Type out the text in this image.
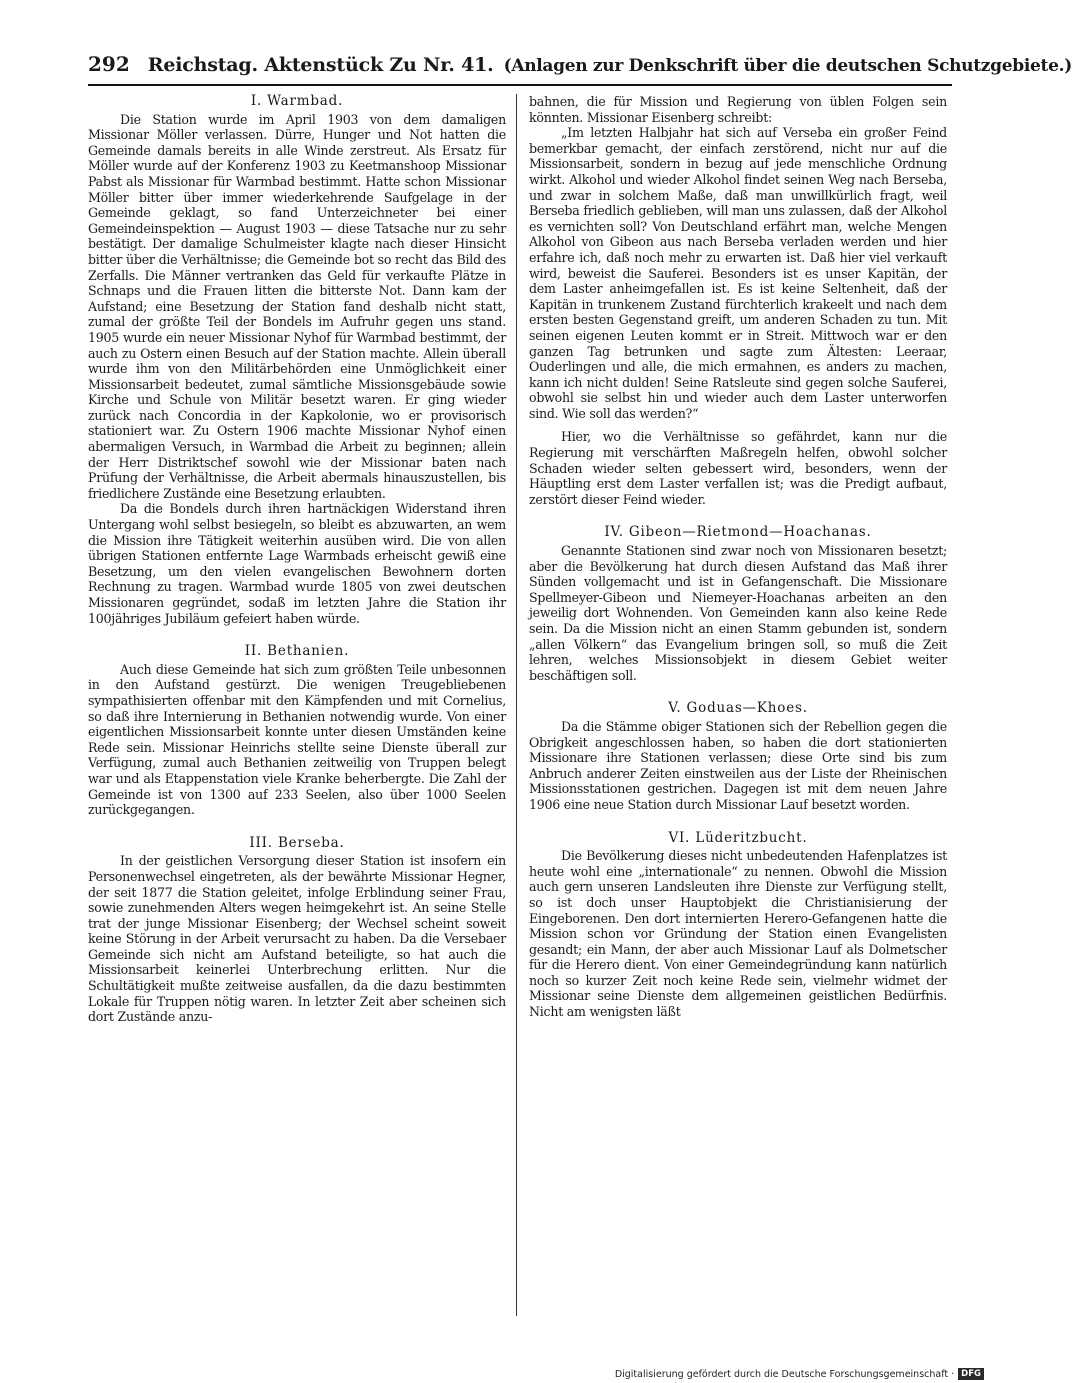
292 Reichstag. Aktenstück Zu Nr. 41. (Anlagen zur Denkschrift über die deutschen Schutzgebiete.)
I. Warmbad.

Die Station wurde im April 1903 von dem damaligen Missionar Möller verlassen. Dürre, Hunger und Not hatten die Gemeinde damals bereits in alle Winde zerstreut. Als Ersatz für Möller wurde auf der Konferenz 1903 zu Keetmanshoop Missionar Pabst als Missionar für Warmbad bestimmt. Hatte schon Missionar Möller bitter über immer wiederkehrende Saufgelage in der Gemeinde geklagt, so fand Unterzeichneter bei einer Gemeindeinspektion — August 1903 — diese Tatsache nur zu sehr bestätigt. Der damalige Schulmeister klagte nach dieser Hinsicht bitter über die Verhältnisse; die Gemeinde bot so recht das Bild des Zerfalls. Die Männer vertranken das Geld für verkaufte Plätze in Schnaps und die Frauen litten die bitterste Not. Dann kam der Aufstand; eine Besetzung der Station fand deshalb nicht statt, zumal der größte Teil der Bondels im Aufruhr gegen uns stand. 1905 wurde ein neuer Missionar Nyhof für Warmbad bestimmt, der auch zu Ostern einen Besuch auf der Station machte. Allein überall wurde ihm von den Militärbehörden eine Unmöglichkeit einer Missionsarbeit bedeutet, zumal sämtliche Missionsgebäude sowie Kirche und Schule von Militär besetzt waren. Er ging wieder zurück nach Concordia in der Kapkolonie, wo er provisorisch stationiert war. Zu Ostern 1906 machte Missionar Nyhof einen abermaligen Versuch, in Warmbad die Arbeit zu beginnen; allein der Herr Distriktschef sowohl wie der Missionar baten nach Prüfung der Verhältnisse, die Arbeit abermals hinauszustellen, bis friedlichere Zustände eine Besetzung erlaubten.

Da die Bondels durch ihren hartnäckigen Widerstand ihren Untergang wohl selbst besiegeln, so bleibt es abzuwarten, an wem die Mission ihre Tätigkeit weiterhin ausüben wird. Die von allen übrigen Stationen entfernte Lage Warmbads erheischt gewiß eine Besetzung, um den vielen evangelischen Bewohnern dorten Rechnung zu tragen. Warmbad wurde 1805 von zwei deutschen Missionaren gegründet, sodaß im letzten Jahre die Station ihr 100jähriges Jubiläum gefeiert haben würde.

II. Bethanien.

Auch diese Gemeinde hat sich zum größten Teile unbesonnen in den Aufstand gestürzt. Die wenigen Treugebliebenen sympathisierten offenbar mit den Kämpfenden und mit Cornelius, so daß ihre Internierung in Bethanien notwendig wurde. Von einer eigentlichen Missionsarbeit konnte unter diesen Umständen keine Rede sein. Missionar Heinrichs stellte seine Dienste überall zur Verfügung, zumal auch Bethanien zeitweilig von Truppen belegt war und als Etappenstation viele Kranke beherbergte. Die Zahl der Gemeinde ist von 1300 auf 233 Seelen, also über 1000 Seelen zurückgegangen.

III. Berseba.

In der geistlichen Versorgung dieser Station ist insofern ein Personenwechsel eingetreten, als der bewährte Missionar Hegner, der seit 1877 die Station geleitet, infolge Erblindung seiner Frau, sowie zunehmenden Alters wegen heimgekehrt ist. An seine Stelle trat der junge Missionar Eisenberg; der Wechsel scheint soweit keine Störung in der Arbeit verursacht zu haben. Da die Versebaer Gemeinde sich nicht am Aufstand beteiligte, so hat auch die Missionsarbeit keinerlei Unterbrechung erlitten. Nur die Schultätigkeit mußte zeitweise ausfallen, da die dazu bestimmten Lokale für Truppen nötig waren. In letzter Zeit aber scheinen sich dort Zustände anzu-

bahnen, die für Mission und Regierung von üblen Folgen sein könnten. Missionar Eisenberg schreibt:

„Im letzten Halbjahr hat sich auf Verseba ein großer Feind bemerkbar gemacht, der einfach zerstörend, nicht nur auf die Missionsarbeit, sondern in bezug auf jede menschliche Ordnung wirkt. Alkohol und wieder Alkohol findet seinen Weg nach Berseba, und zwar in solchem Maße, daß man unwillkürlich fragt, weil Berseba friedlich geblieben, will man uns zulassen, daß der Alkohol es vernichten soll? Von Deutschland erfährt man, welche Mengen Alkohol von Gibeon aus nach Berseba verladen werden und hier erfahre ich, daß noch mehr zu erwarten ist. Daß hier viel verkauft wird, beweist die Sauferei. Besonders ist es unser Kapitän, der dem Laster anheimgefallen ist. Es ist keine Seltenheit, daß der Kapitän in trunkenem Zustand fürchterlich krakeelt und nach dem ersten besten Gegenstand greift, um anderen Schaden zu tun. Mit seinen eigenen Leuten kommt er in Streit. Mittwoch war er den ganzen Tag betrunken und sagte zum Ältesten: Leeraar, Ouderlingen und alle, die mich ermahnen, es anders zu machen, kann ich nicht dulden! Seine Ratsleute sind gegen solche Sauferei, obwohl sie selbst hin und wieder auch dem Laster unterworfen sind. Wie soll das werden?“

Hier, wo die Verhältnisse so gefährdet, kann nur die Regierung mit verschärften Maßregeln helfen, obwohl solcher Schaden wieder selten gebessert wird, besonders, wenn der Häuptling erst dem Laster verfallen ist; was die Predigt aufbaut, zerstört dieser Feind wieder.

IV. Gibeon—Rietmond—Hoachanas.

Genannte Stationen sind zwar noch von Missionaren besetzt; aber die Bevölkerung hat durch diesen Aufstand das Maß ihrer Sünden vollgemacht und ist in Gefangenschaft. Die Missionare Spellmeyer-Gibeon und Niemeyer-Hoachanas arbeiten an den jeweilig dort Wohnenden. Von Gemeinden kann also keine Rede sein. Da die Mission nicht an einen Stamm gebunden ist, sondern „allen Völkern“ das Evangelium bringen soll, so muß die Zeit lehren, welches Missionsobjekt in diesem Gebiet weiter beschäftigen soll.

V. Goduas—Khoes.

Da die Stämme obiger Stationen sich der Rebellion gegen die Obrigkeit angeschlossen haben, so haben die dort stationierten Missionare ihre Stationen verlassen; diese Orte sind bis zum Anbruch anderer Zeiten einstweilen aus der Liste der Rheinischen Missionsstationen gestrichen. Dagegen ist mit dem neuen Jahre 1906 eine neue Station durch Missionar Lauf besetzt worden.

VI. Lüderitzbucht.

Die Bevölkerung dieses nicht unbedeutenden Hafenplatzes ist heute wohl eine „internationale“ zu nennen. Obwohl die Mission auch gern unseren Landsleuten ihre Dienste zur Verfügung stellt, so ist doch unser Hauptobjekt die Christianisierung der Eingeborenen. Den dort internierten Herero-Gefangenen hatte die Mission schon vor Gründung der Station einen Evangelisten gesandt; ein Mann, der aber auch Missionar Lauf als Dolmetscher für die Herero dient. Von einer Gemeindegründung kann natürlich noch so kurzer Zeit noch keine Rede sein, vielmehr widmet der Missionar seine Dienste dem allgemeinen geistlichen Bedürfnis. Nicht am wenigsten läßt

Digitalisierung gefördert durch die Deutsche Forschungsgemeinschaft · DFG
